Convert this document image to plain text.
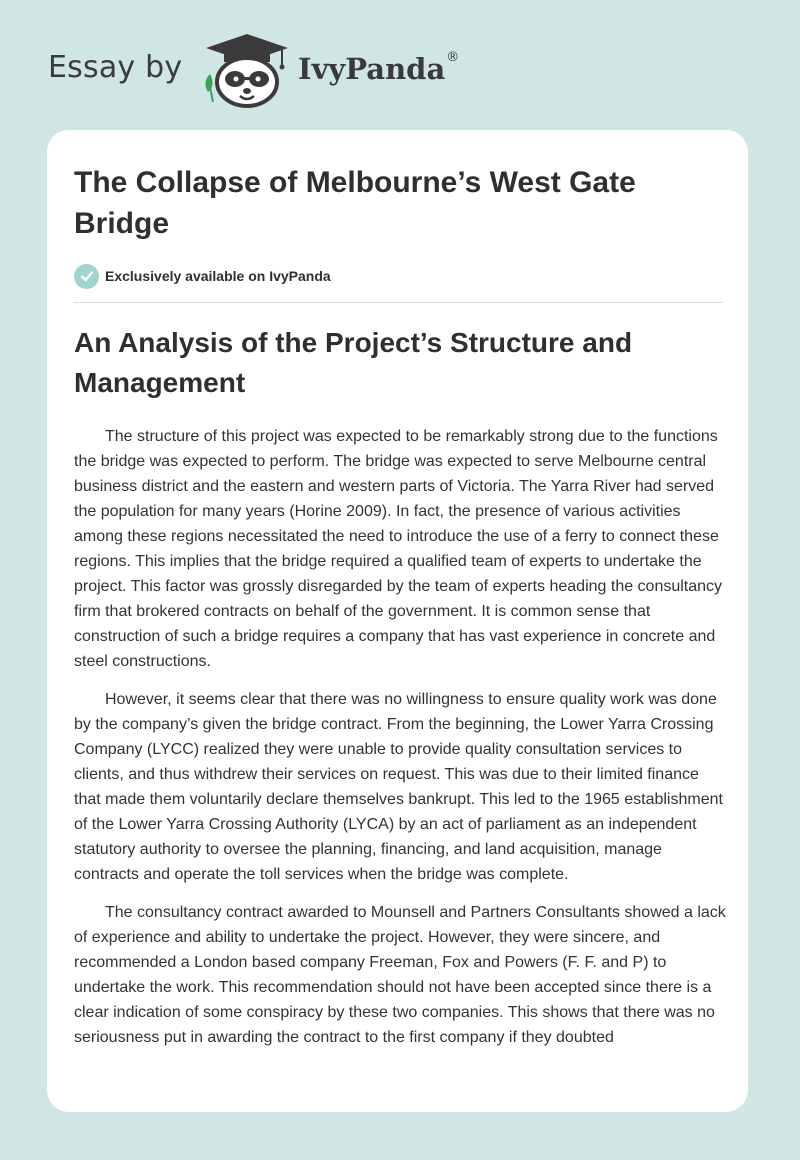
Essay by	IvyPanda®
The Collapse of Melbourne’s West Gate Bridge
Exclusively available on IvyPanda
An Analysis of the Project’s Structure and Management

The structure of this project was expected to be remarkably strong due to the functions the bridge was expected to perform. The bridge was expected to serve Melbourne central business district and the eastern and western parts of Victoria. The Yarra River had served the population for many years (Horine 2009). In fact, the presence of various activities among these regions necessitated the need to introduce the use of a ferry to connect these regions. This implies that the bridge required a qualified team of experts to undertake the project. This factor was grossly disregarded by the team of experts heading the consultancy firm that brokered contracts on behalf of the government. It is common sense that construction of such a bridge requires a company that has vast experience in concrete and steel constructions.

However, it seems clear that there was no willingness to ensure quality work was done by the company’s given the bridge contract. From the beginning, the Lower Yarra Crossing Company (LYCC) realized they were unable to provide quality consultation services to clients, and thus withdrew their services on request. This was due to their limited finance that made them voluntarily declare themselves bankrupt. This led to the 1965 establishment of the Lower Yarra Crossing Authority (LYCA) by an act of parliament as an independent statutory authority to oversee the planning, financing, and land acquisition, manage contracts and operate the toll services when the bridge was complete.

The consultancy contract awarded to Mounsell and Partners Consultants showed a lack of experience and ability to undertake the project. However, they were sincere, and recommended a London based company Freeman, Fox and Powers (F. F. and P) to undertake the work. This recommendation should not have been accepted since there is a clear indication of some conspiracy by these two companies. This shows that there was no seriousness put in awarding the contract to the first company if they doubted
